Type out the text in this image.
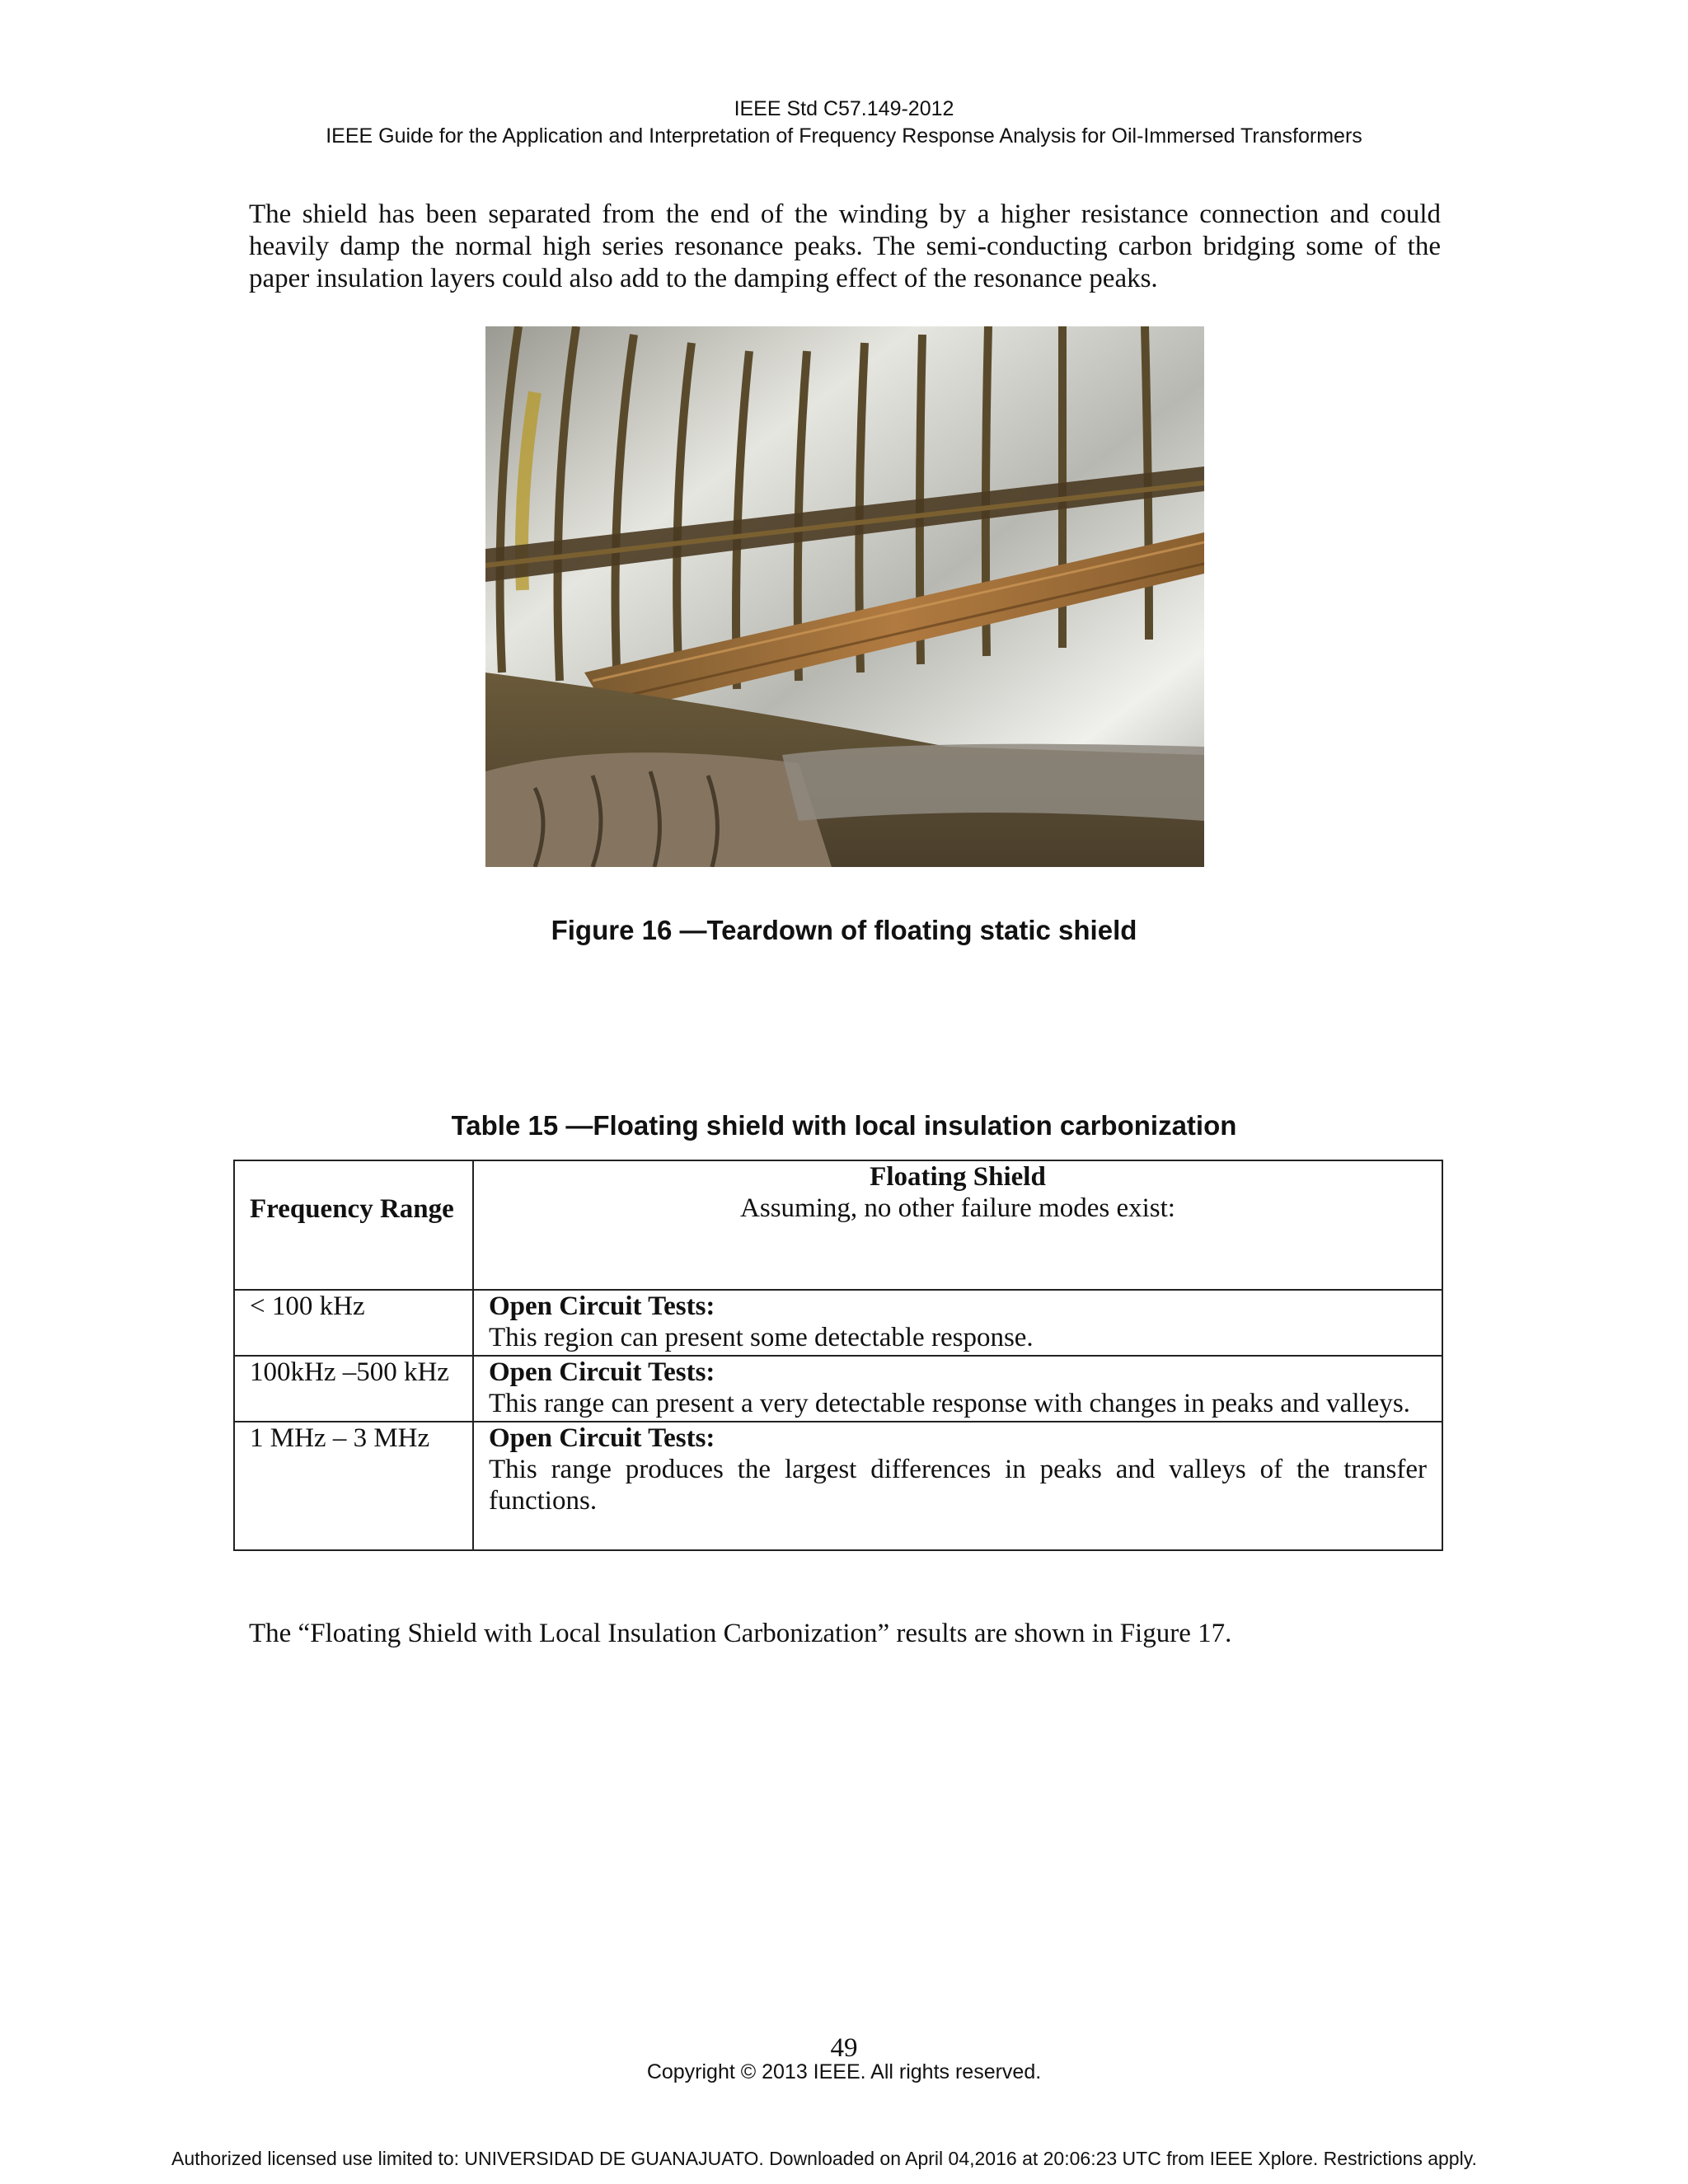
IEEE Std C57.149-2012
IEEE Guide for the Application and Interpretation of Frequency Response Analysis for Oil-Immersed Transformers
The shield has been separated from the end of the winding by a higher resistance connection and could heavily damp the normal high series resonance peaks. The semi-conducting carbon bridging some of the paper insulation layers could also add to the damping effect of the resonance peaks.
Figure 16 —Teardown of floating static shield
Table 15 —Floating shield with local insulation carbonization
Frequency Range	Floating Shield
Assuming, no other failure modes exist:

< 100 kHz	Open Circuit Tests:
This region can present some detectable response.

100kHz –500 kHz	Open Circuit Tests:
This range can present a very detectable response with changes in peaks and valleys.

1 MHz – 3 MHz	Open Circuit Tests:
This range produces the largest differences in peaks and valleys of the transfer functions.
The “Floating Shield with Local Insulation Carbonization” results are shown in Figure 17.
49
Copyright © 2013 IEEE. All rights reserved.
Authorized licensed use limited to: UNIVERSIDAD DE GUANAJUATO. Downloaded on April 04,2016 at 20:06:23 UTC from IEEE Xplore. Restrictions apply.
